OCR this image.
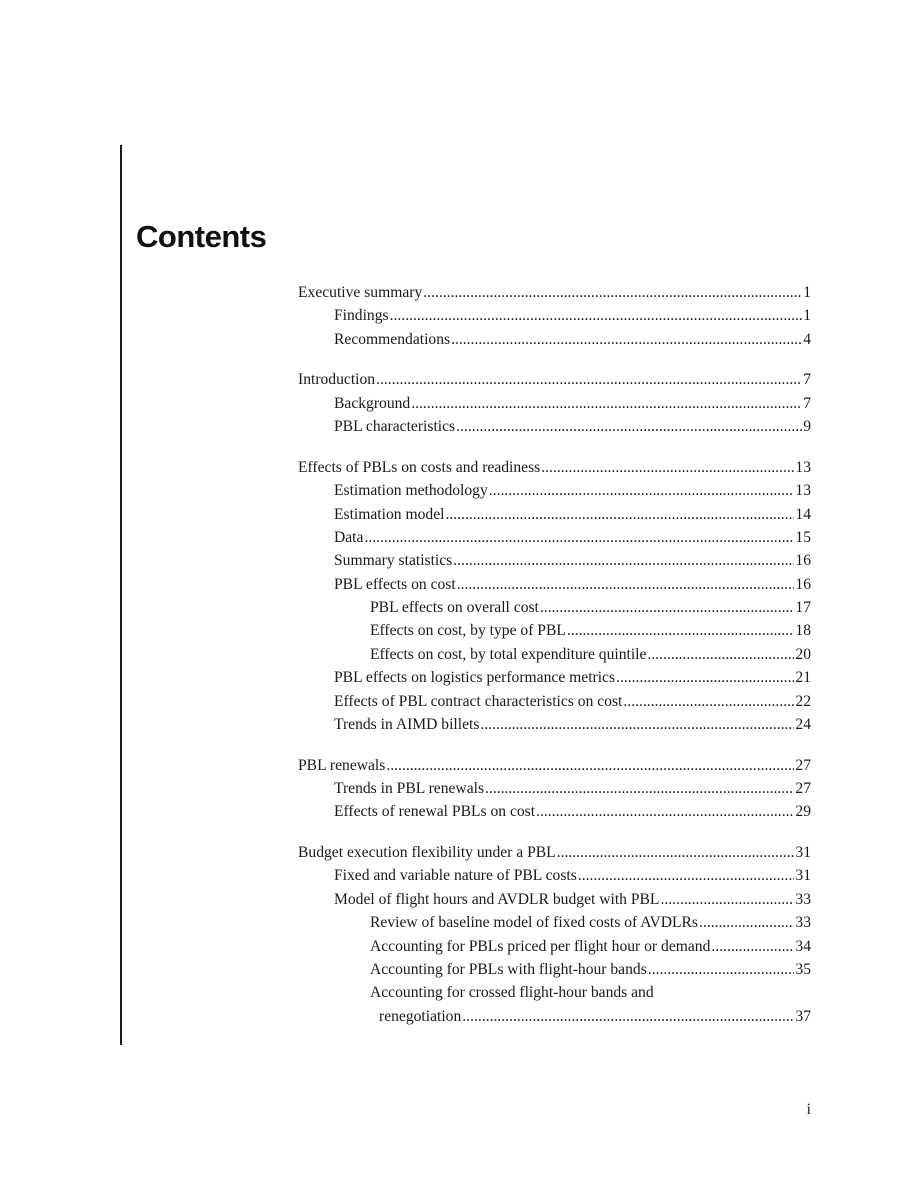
Contents
Executive summary .....	1
Findings .....	1
Recommendations .....	4
Introduction .....	7
Background .....	7
PBL characteristics .....	9
Effects of PBLs on costs and readiness .....	13
Estimation methodology .....	13
Estimation model .....	14
Data .....	15
Summary statistics .....	16
PBL effects on cost .....	16
PBL effects on overall cost .....	17
Effects on cost, by type of PBL .....	18
Effects on cost, by total expenditure quintile .....	20
PBL effects on logistics performance metrics .....	21
Effects of PBL contract characteristics on cost .....	22
Trends in AIMD billets .....	24
PBL renewals .....	27
Trends in PBL renewals .....	27
Effects of renewal PBLs on cost .....	29
Budget execution flexibility under a PBL .....	31
Fixed and variable nature of PBL costs .....	31
Model of flight hours and AVDLR budget with PBL .....	33
Review of baseline model of fixed costs of AVDLRs .....	33
Accounting for PBLs priced per flight hour or demand .....	34
Accounting for PBLs with flight-hour bands .....	35
Accounting for crossed flight-hour bands and
renegotiation .....	37
i
